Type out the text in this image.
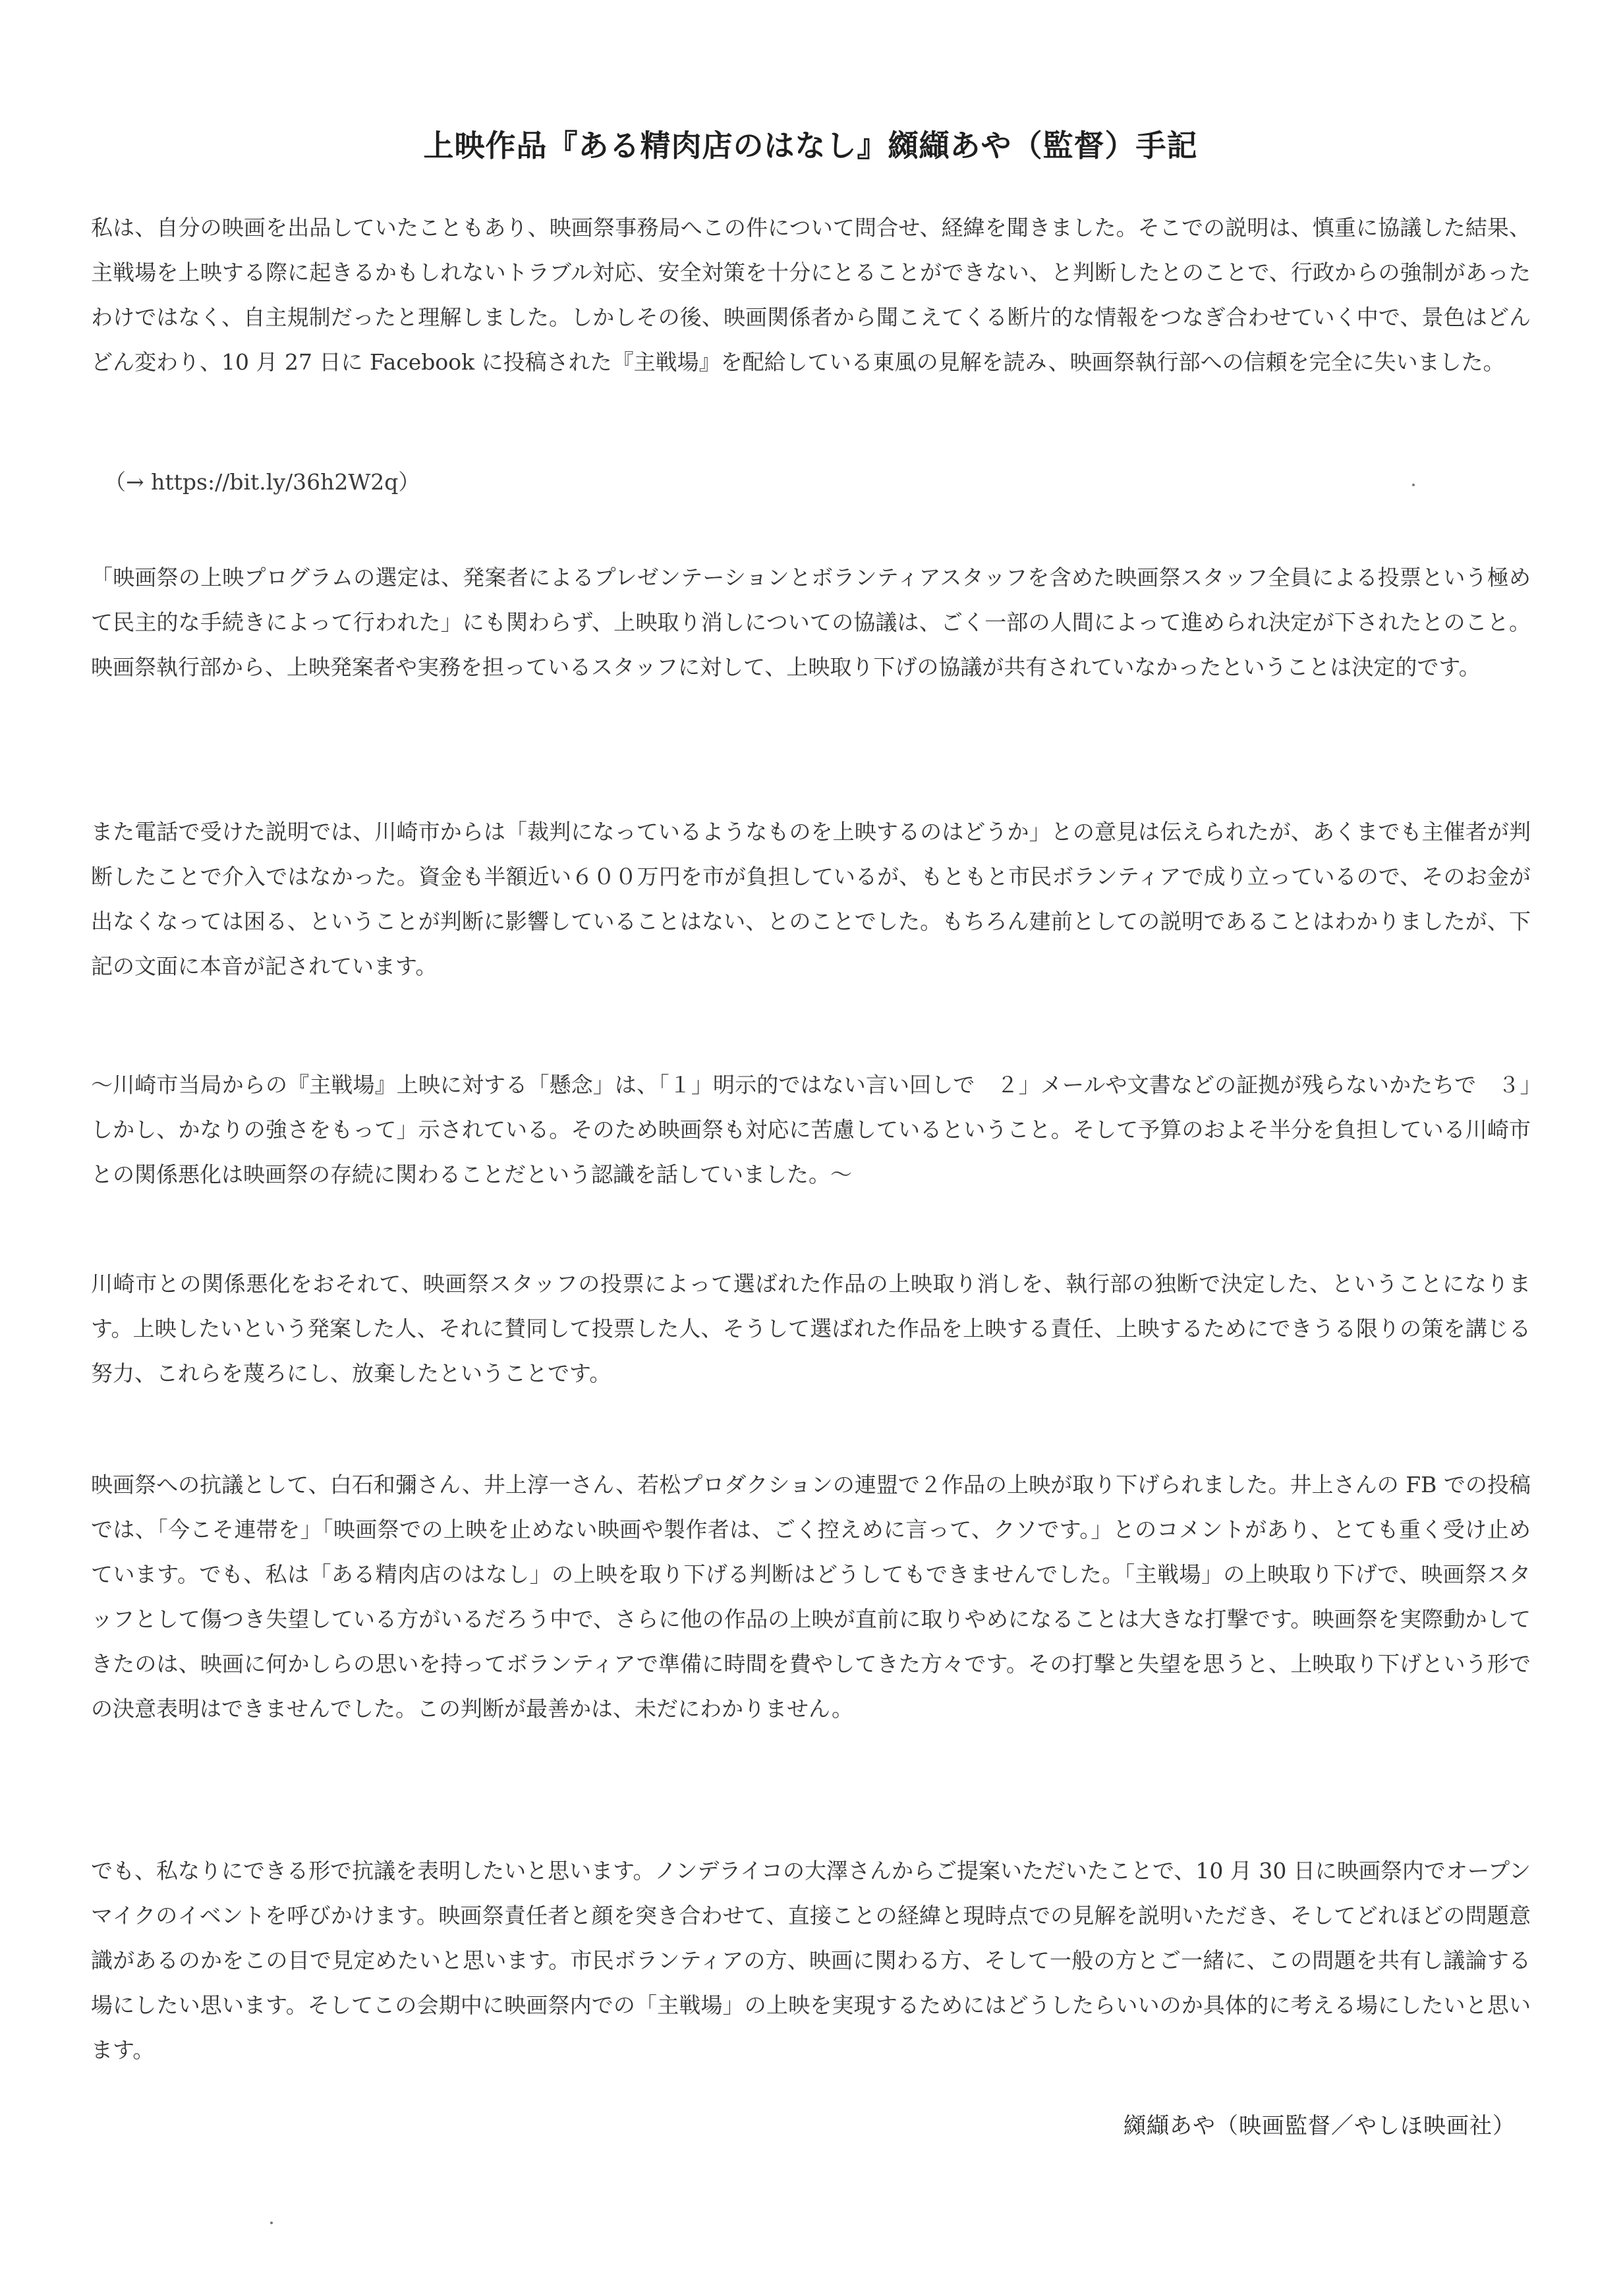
上映作品『ある精肉店のはなし』纐纈あや（監督）手記

私は、自分の映画を出品していたこともあり、映画祭事務局へこの件について問合せ、経緯を聞きました。そこでの説明は、慎重に協議した結果、主戦場を上映する際に起きるかもしれないトラブル対応、安全対策を十分にとることができない、と判断したとのことで、行政からの強制があったわけではなく、自主規制だったと理解しました。しかしその後、映画関係者から聞こえてくる断片的な情報をつなぎ合わせていく中で、景色はどんどん変わり、10 月 27 日に Facebook に投稿された『主戦場』を配給している東風の見解を読み、映画祭執行部への信頼を完全に失いました。

（→ https://bit.ly/36h2W2q）

「映画祭の上映プログラムの選定は、発案者によるプレゼンテーションとボランティアスタッフを含めた映画祭スタッフ全員による投票という極めて民主的な手続きによって行われた」にも関わらず、上映取り消しについての協議は、ごく一部の人間によって進められ決定が下されたとのこと。映画祭執行部から、上映発案者や実務を担っているスタッフに対して、上映取り下げの協議が共有されていなかったということは決定的です。

また電話で受けた説明では、川崎市からは「裁判になっているようなものを上映するのはどうか」との意見は伝えられたが、あくまでも主催者が判断したことで介入ではなかった。資金も半額近い６００万円を市が負担しているが、もともと市民ボランティアで成り立っているので、そのお金が出なくなっては困る、ということが判断に影響していることはない、とのことでした。もちろん建前としての説明であることはわかりましたが、下記の文面に本音が記されています。

〜川崎市当局からの『主戦場』上映に対する「懸念」は、「１」明示的ではない言い回しで　２」メールや文書などの証拠が残らないかたちで　３」しかし、かなりの強さをもって」示されている。そのため映画祭も対応に苦慮しているということ。そして予算のおよそ半分を負担している川崎市との関係悪化は映画祭の存続に関わることだという認識を話していました。〜

川崎市との関係悪化をおそれて、映画祭スタッフの投票によって選ばれた作品の上映取り消しを、執行部の独断で決定した、ということになります。上映したいという発案した人、それに賛同して投票した人、そうして選ばれた作品を上映する責任、上映するためにできうる限りの策を講じる努力、これらを蔑ろにし、放棄したということです。

映画祭への抗議として、白石和彌さん、井上淳一さん、若松プロダクションの連盟で２作品の上映が取り下げられました。井上さんの FB での投稿では、「今こそ連帯を」「映画祭での上映を止めない映画や製作者は、ごく控えめに言って、クソです。」とのコメントがあり、とても重く受け止めています。でも、私は「ある精肉店のはなし」の上映を取り下げる判断はどうしてもできませんでした。「主戦場」の上映取り下げで、映画祭スタッフとして傷つき失望している方がいるだろう中で、さらに他の作品の上映が直前に取りやめになることは大きな打撃です。映画祭を実際動かしてきたのは、映画に何かしらの思いを持ってボランティアで準備に時間を費やしてきた方々です。その打撃と失望を思うと、上映取り下げという形での決意表明はできませんでした。この判断が最善かは、未だにわかりません。

でも、私なりにできる形で抗議を表明したいと思います。ノンデライコの大澤さんからご提案いただいたことで、10 月 30 日に映画祭内でオープンマイクのイベントを呼びかけます。映画祭責任者と顔を突き合わせて、直接ことの経緯と現時点での見解を説明いただき、そしてどれほどの問題意識があるのかをこの目で見定めたいと思います。市民ボランティアの方、映画に関わる方、そして一般の方とご一緒に、この問題を共有し議論する場にしたい思います。そしてこの会期中に映画祭内での「主戦場」の上映を実現するためにはどうしたらいいのか具体的に考える場にしたいと思います。

纐纈あや（映画監督／やしほ映画社）
